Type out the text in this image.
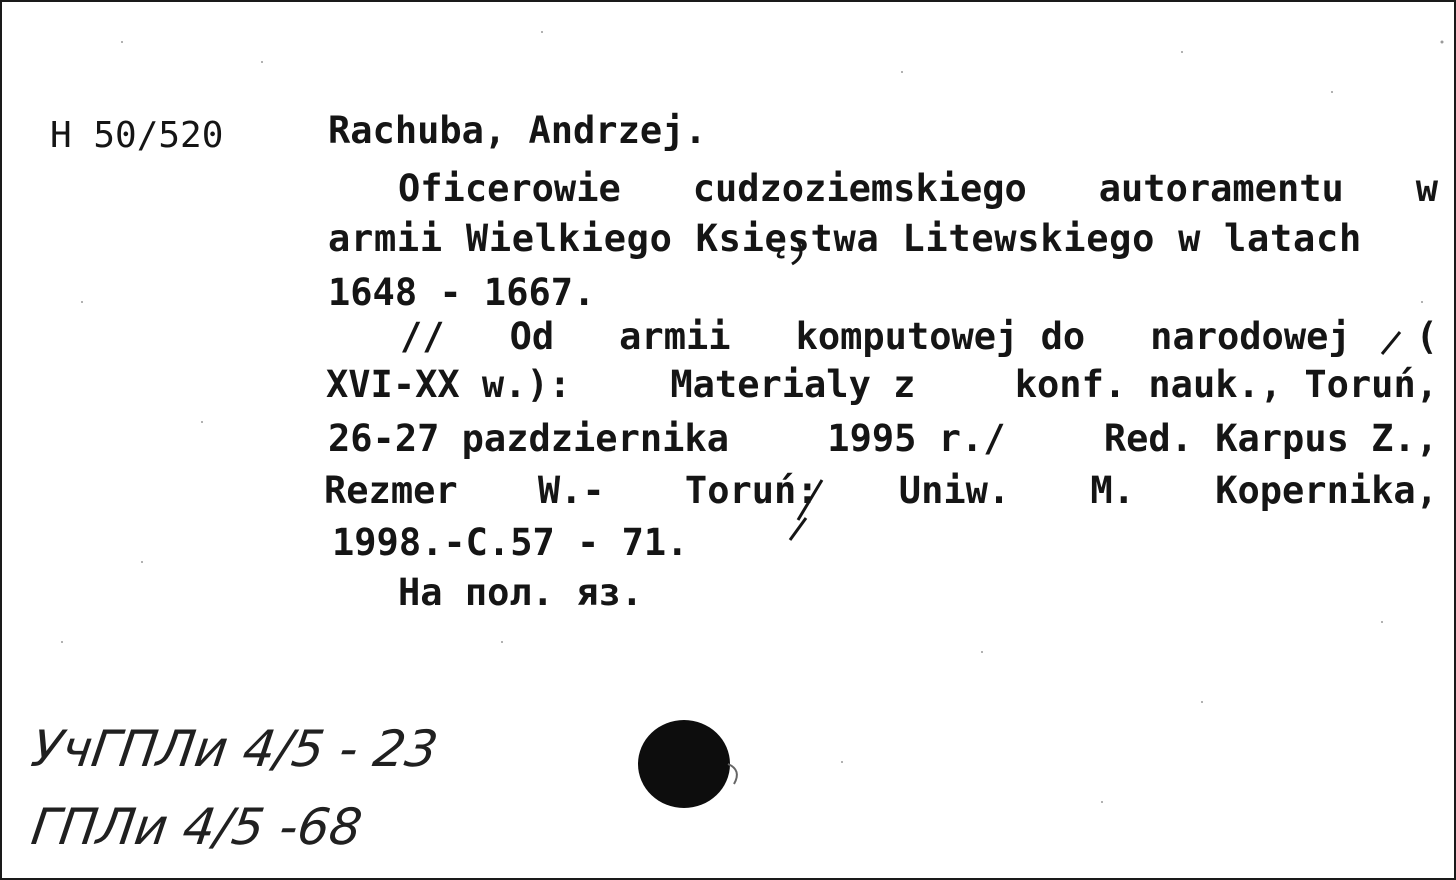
H 50/520	Rachuba, Andrzej.
Oficerowie cudzoziemskiego autoramentu w
armii Wielkiego Księstwa Litewskiego w latach
1648 - 1667.
// Od armii komputowej do narodowej (
XVI-XX w.):	Materialy z	konf. nauk., Toruń,
26-27 pazdziernika	1995 r./	Red. Karpus Z.,
Rezmer W.- Toruń: Uniw. M. Kopernika,
1998.-C.57 - 71.
На пол. яз.
УчГПЛи 4/5 - 23
ГПЛи 4/5 -68
